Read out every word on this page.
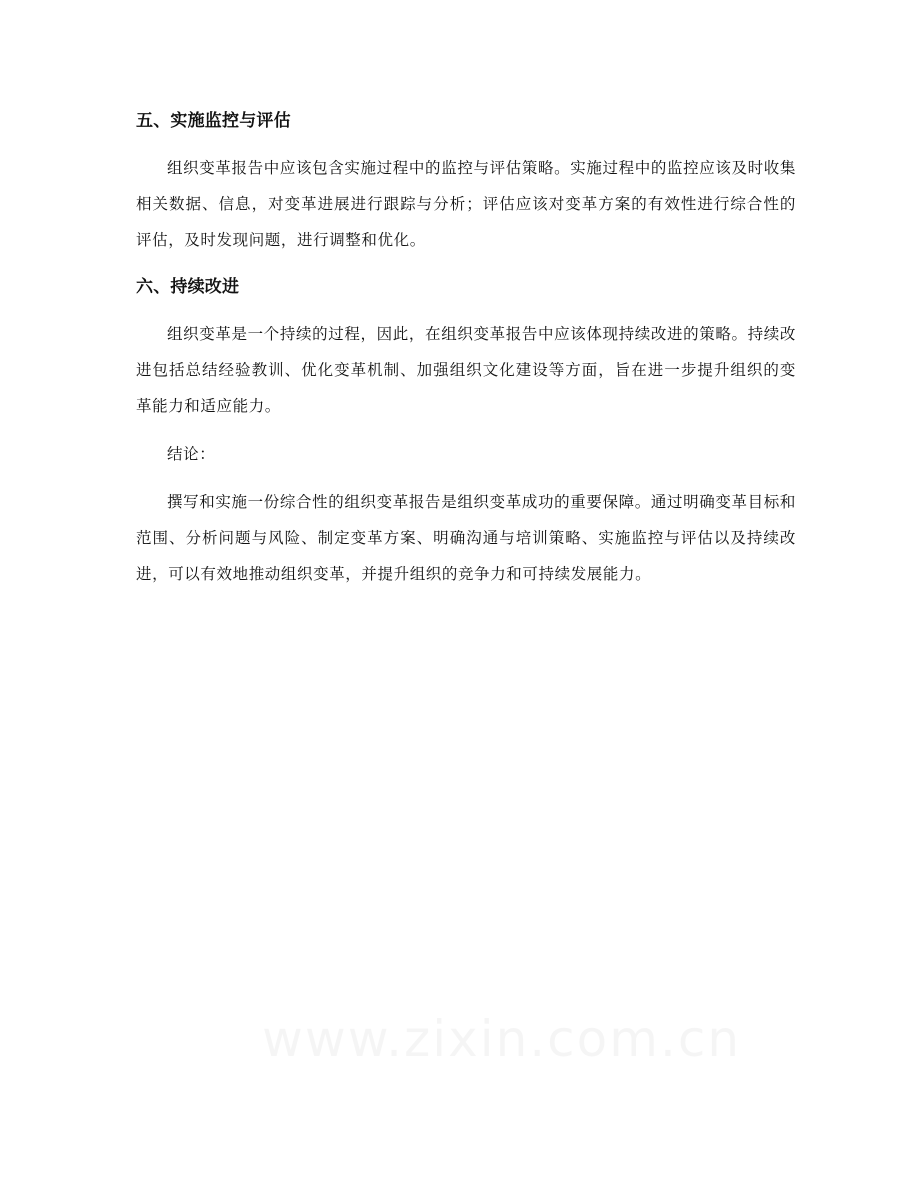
五、实施监控与评估

组织变革报告中应该包含实施过程中的监控与评估策略。实施过程中的监控应该及时收集相关数据、信息，对变革进展进行跟踪与分析；评估应该对变革方案的有效性进行综合性的评估，及时发现问题，进行调整和优化。

六、持续改进

组织变革是一个持续的过程，因此，在组织变革报告中应该体现持续改进的策略。持续改进包括总结经验教训、优化变革机制、加强组织文化建设等方面，旨在进一步提升组织的变革能力和适应能力。

结论：

撰写和实施一份综合性的组织变革报告是组织变革成功的重要保障。通过明确变革目标和范围、分析问题与风险、制定变革方案、明确沟通与培训策略、实施监控与评估以及持续改进，可以有效地推动组织变革，并提升组织的竞争力和可持续发展能力。
